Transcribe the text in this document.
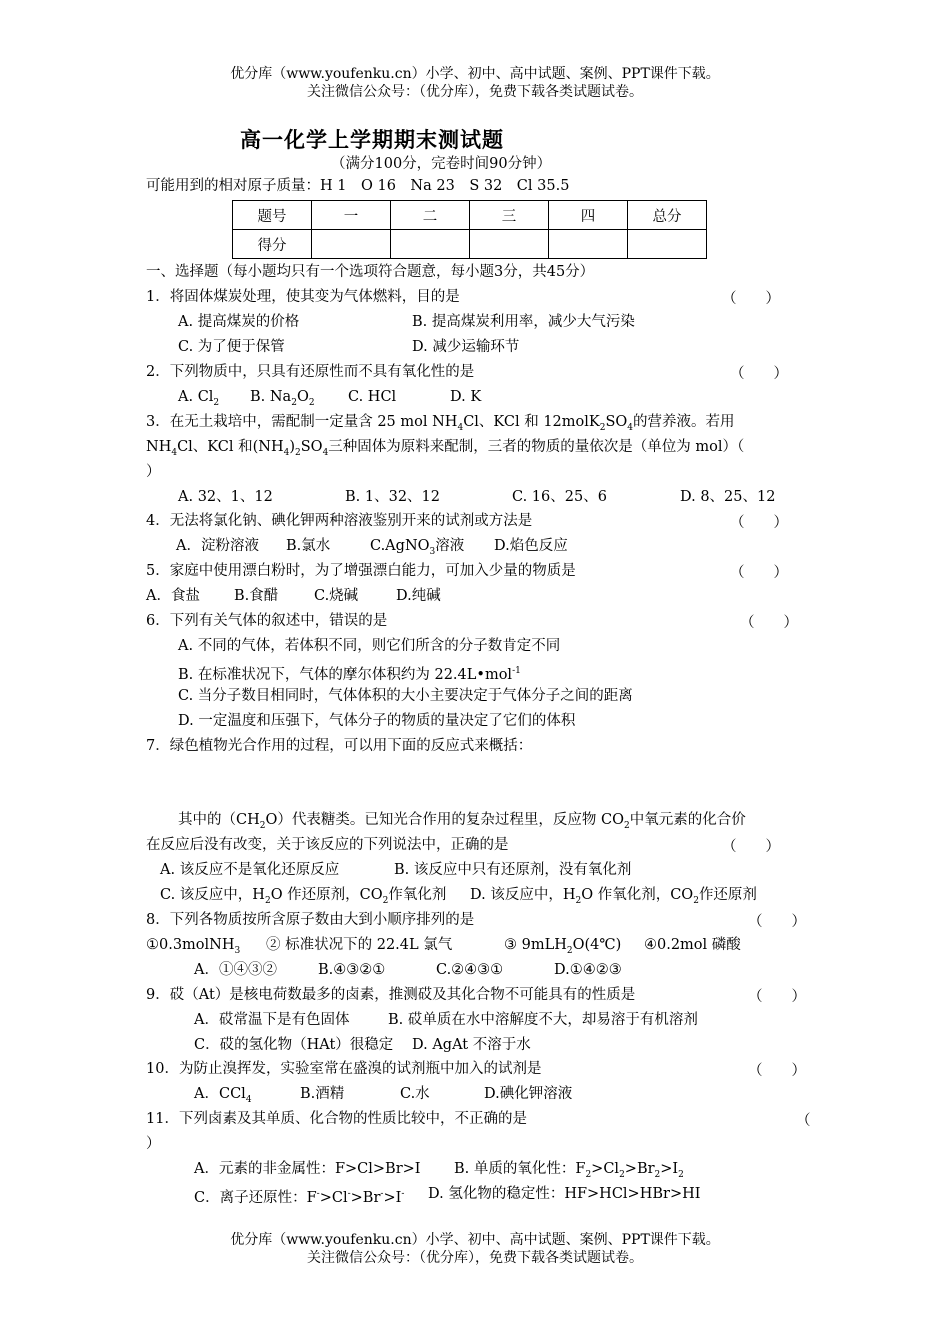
优分库（www.youfenku.cn）小学、初中、高中试题、案例、PPT课件下载。
关注微信公众号：（优分库），免费下载各类试题试卷。
高一化学上学期期末测试题
（满分100分，完卷时间90分钟）
可能用到的相对原子质量：H 1　O 16　Na 23　S 32　Cl 35.5
题号	一	二	三	四	总分
得分					
一、选择题（每小题均只有一个选项符合题意，每小题3分，共45分）
1．将固体煤炭处理，使其变为气体燃料，目的是	（　　）
A. 提高煤炭的价格	B. 提高煤炭利用率，减少大气污染
C. 为了便于保管	D. 减少运输环节
2．下列物质中，只具有还原性而不具有氧化性的是	（　　）
A. $Cl_2$ B. $Na_2O_2$ C. HCl	D. K
3．在无土栽培中，需配制一定量含 25 mol $NH_4Cl$、KCl 和 $12molK_2SO_4$的营养液。若用
$NH_4Cl$、KCl 和$(NH_4)_2SO_4$三种固体为原料来配制，三者的物质的量依次是（单位为 mol）（
）
A. 32、1、12	B. 1、32、12	C. 16、25、6	D. 8、25、12
4．无法将氯化钠、碘化钾两种溶液鉴别开来的试剂或方法是	（　　）
A．淀粉溶液 B.氯水	C.AgNO$_3$溶液 D.焰色反应
5．家庭中使用漂白粉时，为了增强漂白能力，可加入少量的物质是	（　　）
A．食盐 B.食醋 C.烧碱	D.纯碱
6．下列有关气体的叙述中，错误的是	（　　）
A. 不同的气体，若体积不同，则它们所含的分子数肯定不同
B. 在标准状况下，气体的摩尔体积约为 22.4L•mol$^{-1}$
C. 当分子数目相同时，气体体积的大小主要决定于气体分子之间的距离
D. 一定温度和压强下，气体分子的物质的量决定了它们的体积
7．绿色植物光合作用的过程，可以用下面的反应式来概括：
其中的$(CH_2O)$代表糖类。已知光合作用的复杂过程里，反应物 $CO_2$中氧元素的化合价
在反应后没有改变，关于该反应的下列说法中，正确的是	（　　）
A. 该反应不是氧化还原反应	B. 该反应中只有还原剂，没有氧化剂
C. 该反应中，$H_2O$ 作还原剂，$CO_2$作氧化剂 D. 该反应中，$H_2O$ 作氧化剂，$CO_2$作还原剂
8．下列各物质按所含原子数由大到小顺序排列的是	（　　）
①0.3molNH$_3$ ② 标准状况下的 22.4L 氯气	③ 9mLH$_2$O(4℃) ④0.2mol 磷酸
A．①④③②	B.④③②①	C.②④③①	D.①④②③
9．砹（At）是核电荷数最多的卤素，推测砹及其化合物不可能具有的性质是	（　　）
A．砹常温下是有色固体	B. 砹单质在水中溶解度不大，却易溶于有机溶剂
C．砹的氢化物（HAt）很稳定 D. AgAt 不溶于水
10．为防止溴挥发，实验室常在盛溴的试剂瓶中加入的试剂是	（　　）
A．CCl$_4$	B.酒精	C.水	D.碘化钾溶液
11．下列卤素及其单质、化合物的性质比较中，不正确的是	（
）
A．元素的非金属性：F>Cl>Br>I B. 单质的氧化性：$F_2>Cl_2>Br_2>I_2$
C．离子还原性：F->Cl->Br->I- D. 氢化物的稳定性：HF>HCl>HBr>HI
优分库（www.youfenku.cn）小学、初中、高中试题、案例、PPT课件下载。
关注微信公众号：（优分库），免费下载各类试题试卷。
